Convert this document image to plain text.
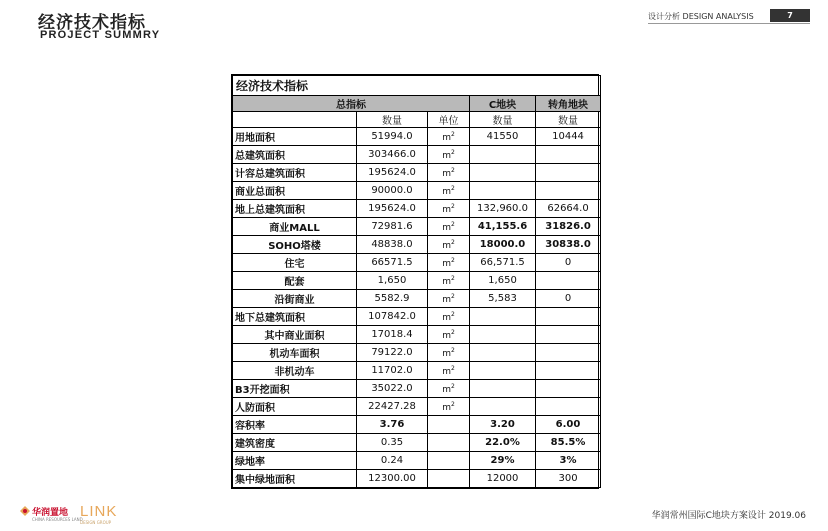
经济技术指标
PROJECT SUMMRY
设计分析 DESIGN ANALYSIS	7
经济技术指标				
总指标			C地块	转角地块
	数量	单位	数量	数量
用地面积	51994.0	$m^2$	41550	10444
总建筑面积	303466.0	$m^2$		
计容总建筑面积	195624.0	$m^2$		
商业总面积	90000.0	$m^2$		
地上总建筑面积	195624.0	$m^2$	132,960.0	62664.0
商业MALL	72981.6	$m^2$	41,155.6	31826.0
SOHO塔楼	48838.0	$m^2$	18000.0	30838.0
住宅	66571.5	$m^2$	66,571.5	0
配套	1,650	$m^2$	1,650	
沿街商业	5582.9	$m^2$	5,583	0
地下总建筑面积	107842.0	$m^2$		
其中商业面积	17018.4	$m^2$		
机动车面积	79122.0	$m^2$		
非机动车	11702.0	$m^2$		
B3开挖面积	35022.0	$m^2$		
人防面积	22427.28	$m^2$		
容积率	3.76		3.20	6.00
建筑密度	0.35		22.0%	85.5%
绿地率	0.24		29%	3%
集中绿地面积	12300.00		12000	300
华润置地
CHINA RESOURCES LAND
LINK
DESIGN GROUP
华润常州国际C地块方案设计 2019.06
